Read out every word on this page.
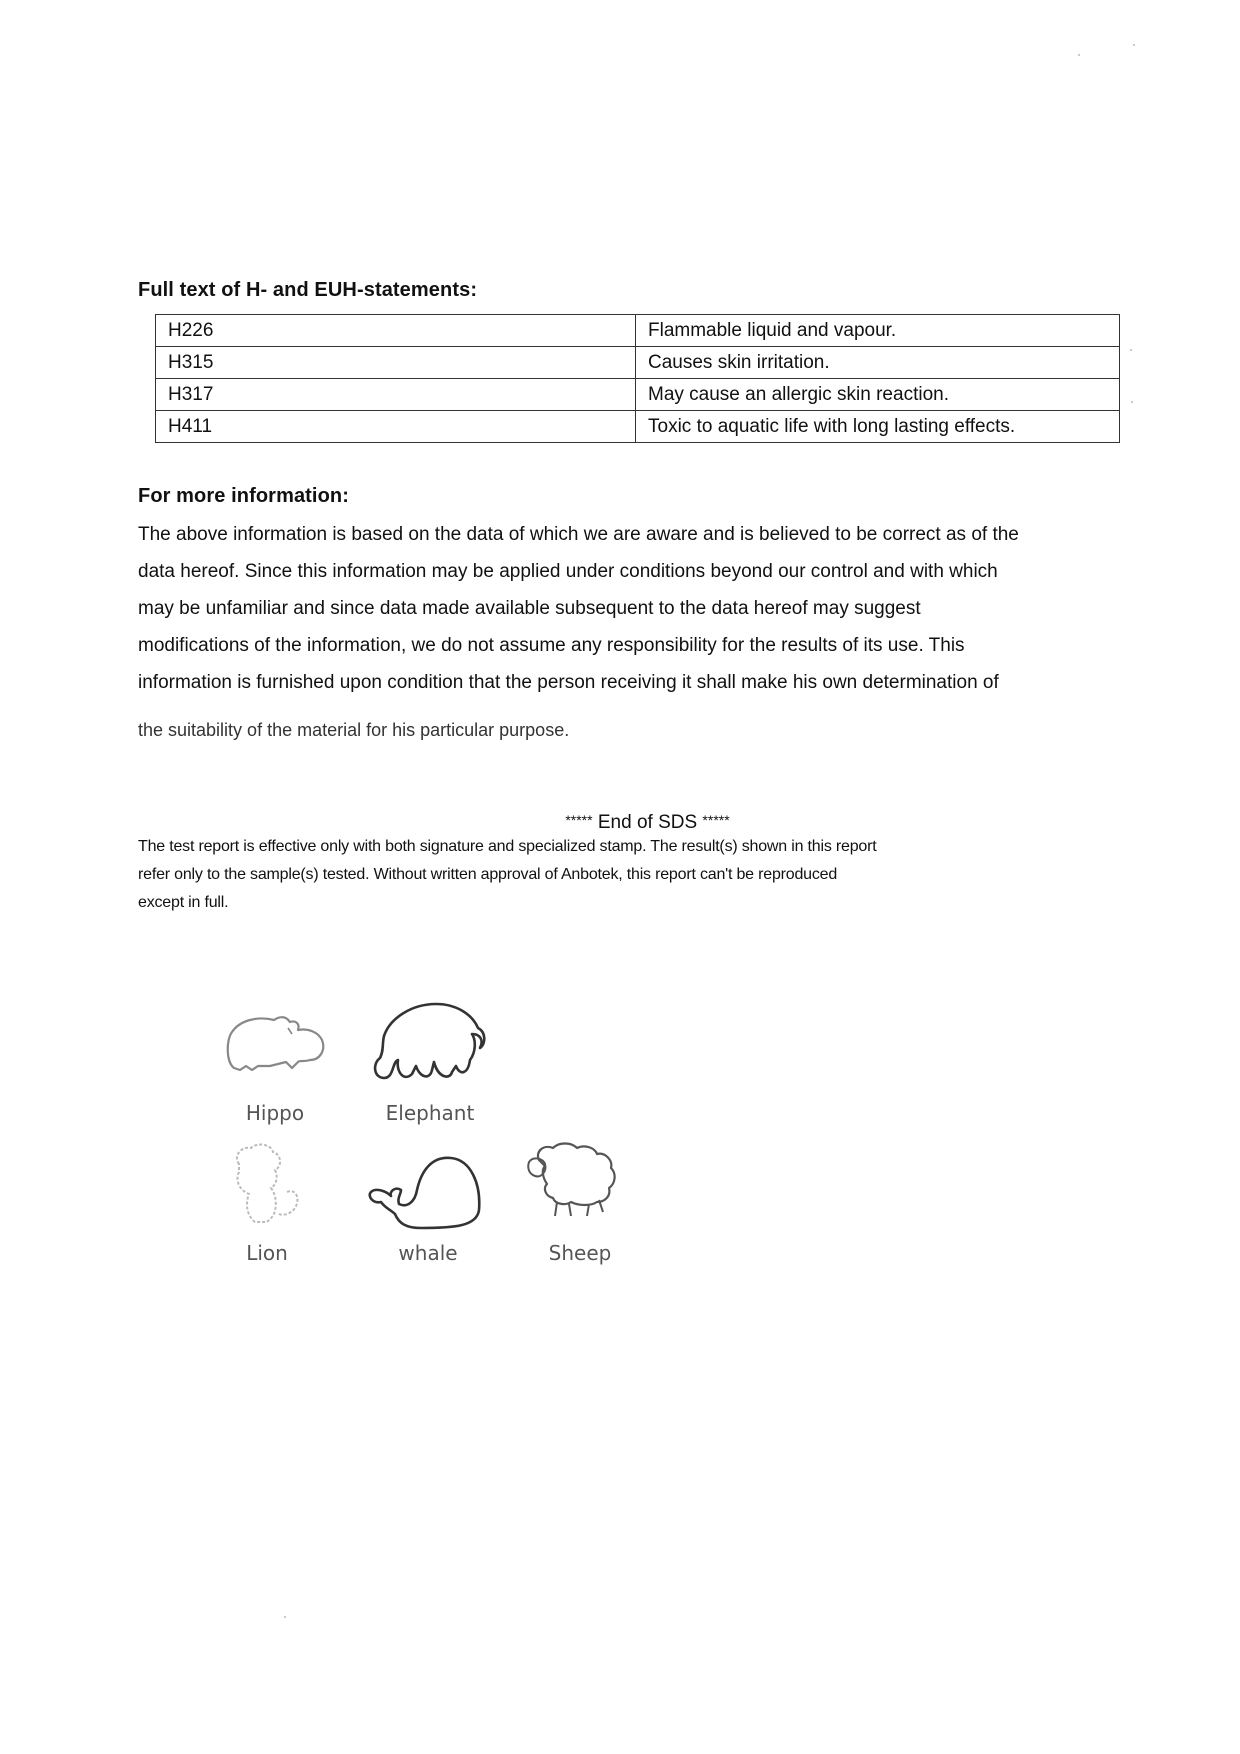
Full text of H- and EUH-statements:
H226	Flammable liquid and vapour.
H315	Causes skin irritation.
H317	May cause an allergic skin reaction.
H411	Toxic to aquatic life with long lasting effects.
For more information:

The above information is based on the data of which we are aware and is believed to be correct as of the

data hereof. Since this information may be applied under conditions beyond our control and with which

may be unfamiliar and since data made available subsequent to the data hereof may suggest

modifications of the information, we do not assume any responsibility for the results of its use. This

information is furnished upon condition that the person receiving it shall make his own determination of

the suitability of the material for his particular purpose.

***** End of SDS *****

The test report is effective only with both signature and specialized stamp. The result(s) shown in this report

refer only to the sample(s) tested. Without written approval of Anbotek, this report can't be reproduced

except in full.

Hippo	Elephant
Lion	whale	Sheep
